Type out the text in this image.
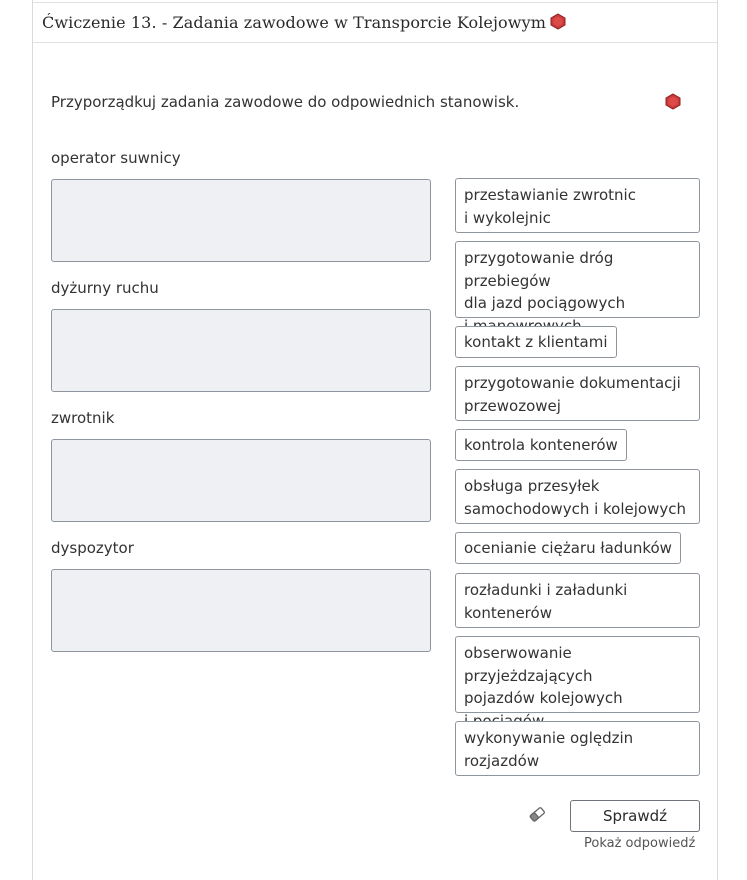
Ćwiczenie 13. - Zadania zawodowe w Transporcie Kolejowym
Przyporządkuj zadania zawodowe do odpowiednich stanowisk.
operator suwnicy
dyżurny ruchu
zwrotnik
dyspozytor
przestawianie zwrotnic
i wykolejnic
przygotowanie dróg przebiegów
dla jazd pociągowych

kontakt z klientami
przygotowanie dokumentacji
przewozowej
kontrola kontenerów
obsługa przesyłek
samochodowych i kolejowych
ocenianie ciężaru ładunków
rozładunki i załadunki
kontenerów
obserwowanie przyjeżdzających
pojazdów kolejowych

wykonywanie oględzin
rozjazdów
Sprawdź
Pokaż odpowiedź
